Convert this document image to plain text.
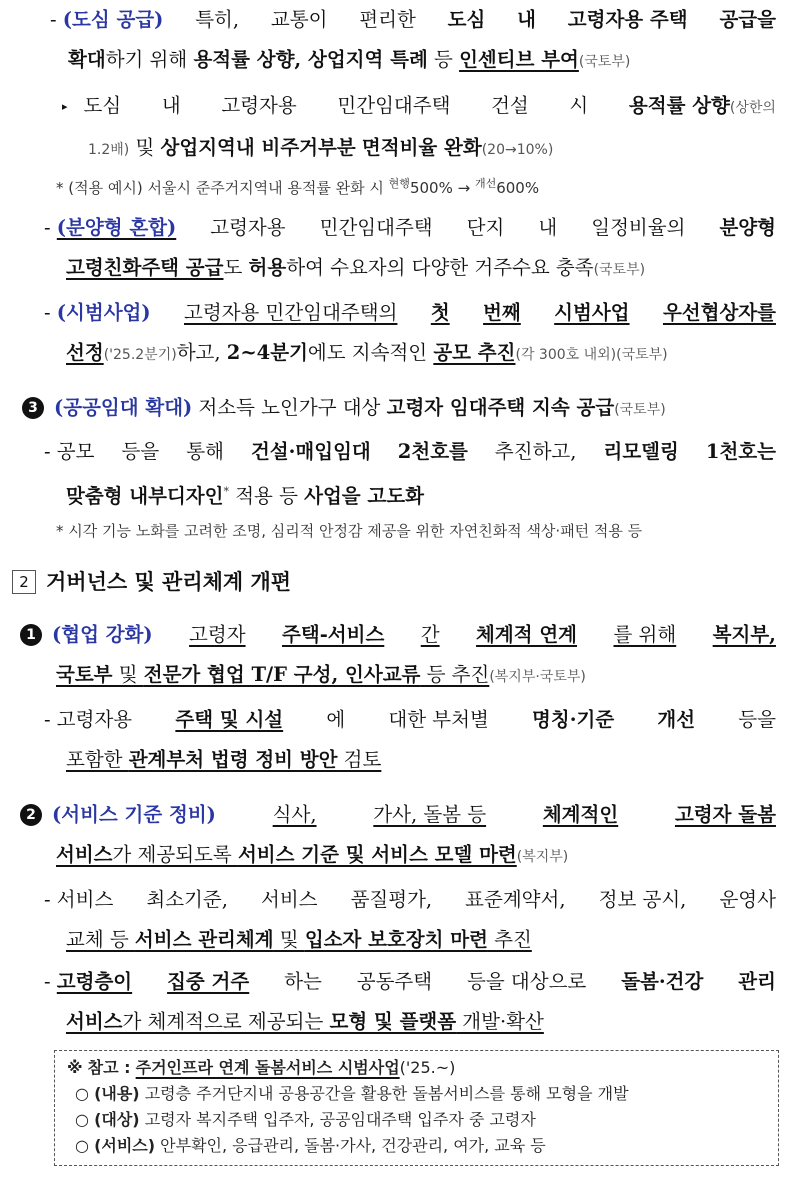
- (도심 공급) 특히, 교통이 편리한 도심 내 고령자용 주택 공급을
확대하기 위해 용적률 상향, 상업지역 특례 등 인센티브 부여(국토부)
▸ 도심 내 고령자용 민간임대주택 건설 시 용적률 상향(상한의
1.2배) 및 상업지역내 비주거부분 면적비율 완화(20→10%)
* (적용 예시) 서울시 준주거지역내 용적률 완화 시 $^{현행}$500% → $^{개선}$600%
- (분양형 혼합) 고령자용 민간임대주택 단지 내 일정비율의 분양형
고령친화주택 공급도 허용하여 수요자의 다양한 거주수요 충족(국토부)
- (시범사업) 고령자용 민간임대주택의 첫 번째 시범사업 우선협상자를
선정('25.2분기)하고, 2~4분기에도 지속적인 공모 추진(각 300호 내외)(국토부)
3 (공공임대 확대) 저소득 노인가구 대상 고령자 임대주택 지속 공급(국토부)
- 공모 등을 통해 건설·매입임대 2천호를 추진하고, 리모델링 1천호는
맞춤형 내부디자인* 적용 등 사업을 고도화
* 시각 기능 노화를 고려한 조명, 심리적 안정감 제공을 위한 자연친화적 색상·패턴 적용 등
2 거버넌스 및 관리체계 개편
1 (협업 강화) 고령자 주택-서비스 간 체계적 연계 를 위해 복지부,
국토부 및 전문가 협업 T/F 구성, 인사교류 등 추진(복지부·국토부)
- 고령자용 주택 및 시설 에 대한 부처별 명칭·기준 개선 등을
포함한 관계부처 법령 정비 방안 검토
2 (서비스 기준 정비)	식사,	가사, 돌봄 등	체계적인	고령자 돌봄
서비스가 제공되도록 서비스 기준 및 서비스 모델 마련(복지부)
- 서비스 최소기준, 서비스 품질평가, 표준계약서, 정보 공시, 운영사
교체 등 서비스 관리체계 및 입소자 보호장치 마련 추진
- 고령층이 집중 거주 하는 공동주택 등을 대상으로 돌봄·건강 관리
서비스가 체계적으로 제공되는 모형 및 플랫폼 개발·확산
※ 참고 : 주거인프라 연계 돌봄서비스 시범사업('25.~)
○ (내용) 고령층 주거단지내 공용공간을 활용한 돌봄서비스를 통해 모형을 개발
○ (대상) 고령자 복지주택 입주자, 공공임대주택 입주자 중 고령자
○ (서비스) 안부확인, 응급관리, 돌봄·가사, 건강관리, 여가, 교육 등
